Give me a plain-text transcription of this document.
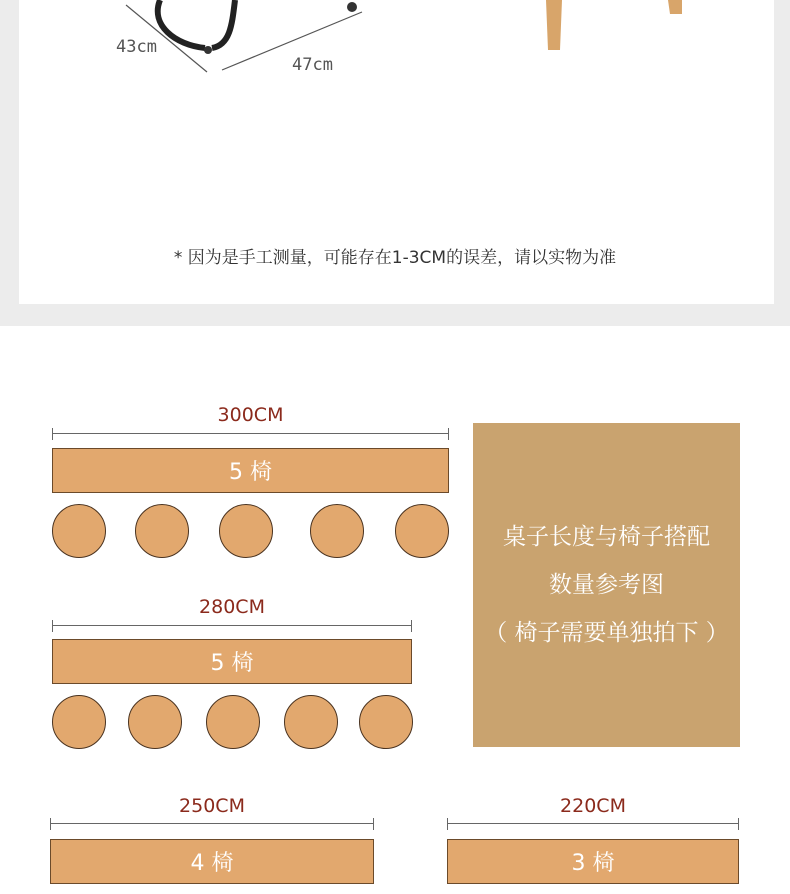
43cm
47cm
* 因为是手工测量，可能存在1-3CM的误差，请以实物为准
300CM
5 椅
280CM
5 椅
250CM
4 椅
220CM
3 椅
桌子长度与椅子搭配
数量参考图
（ 椅子需要单独拍下 ）
